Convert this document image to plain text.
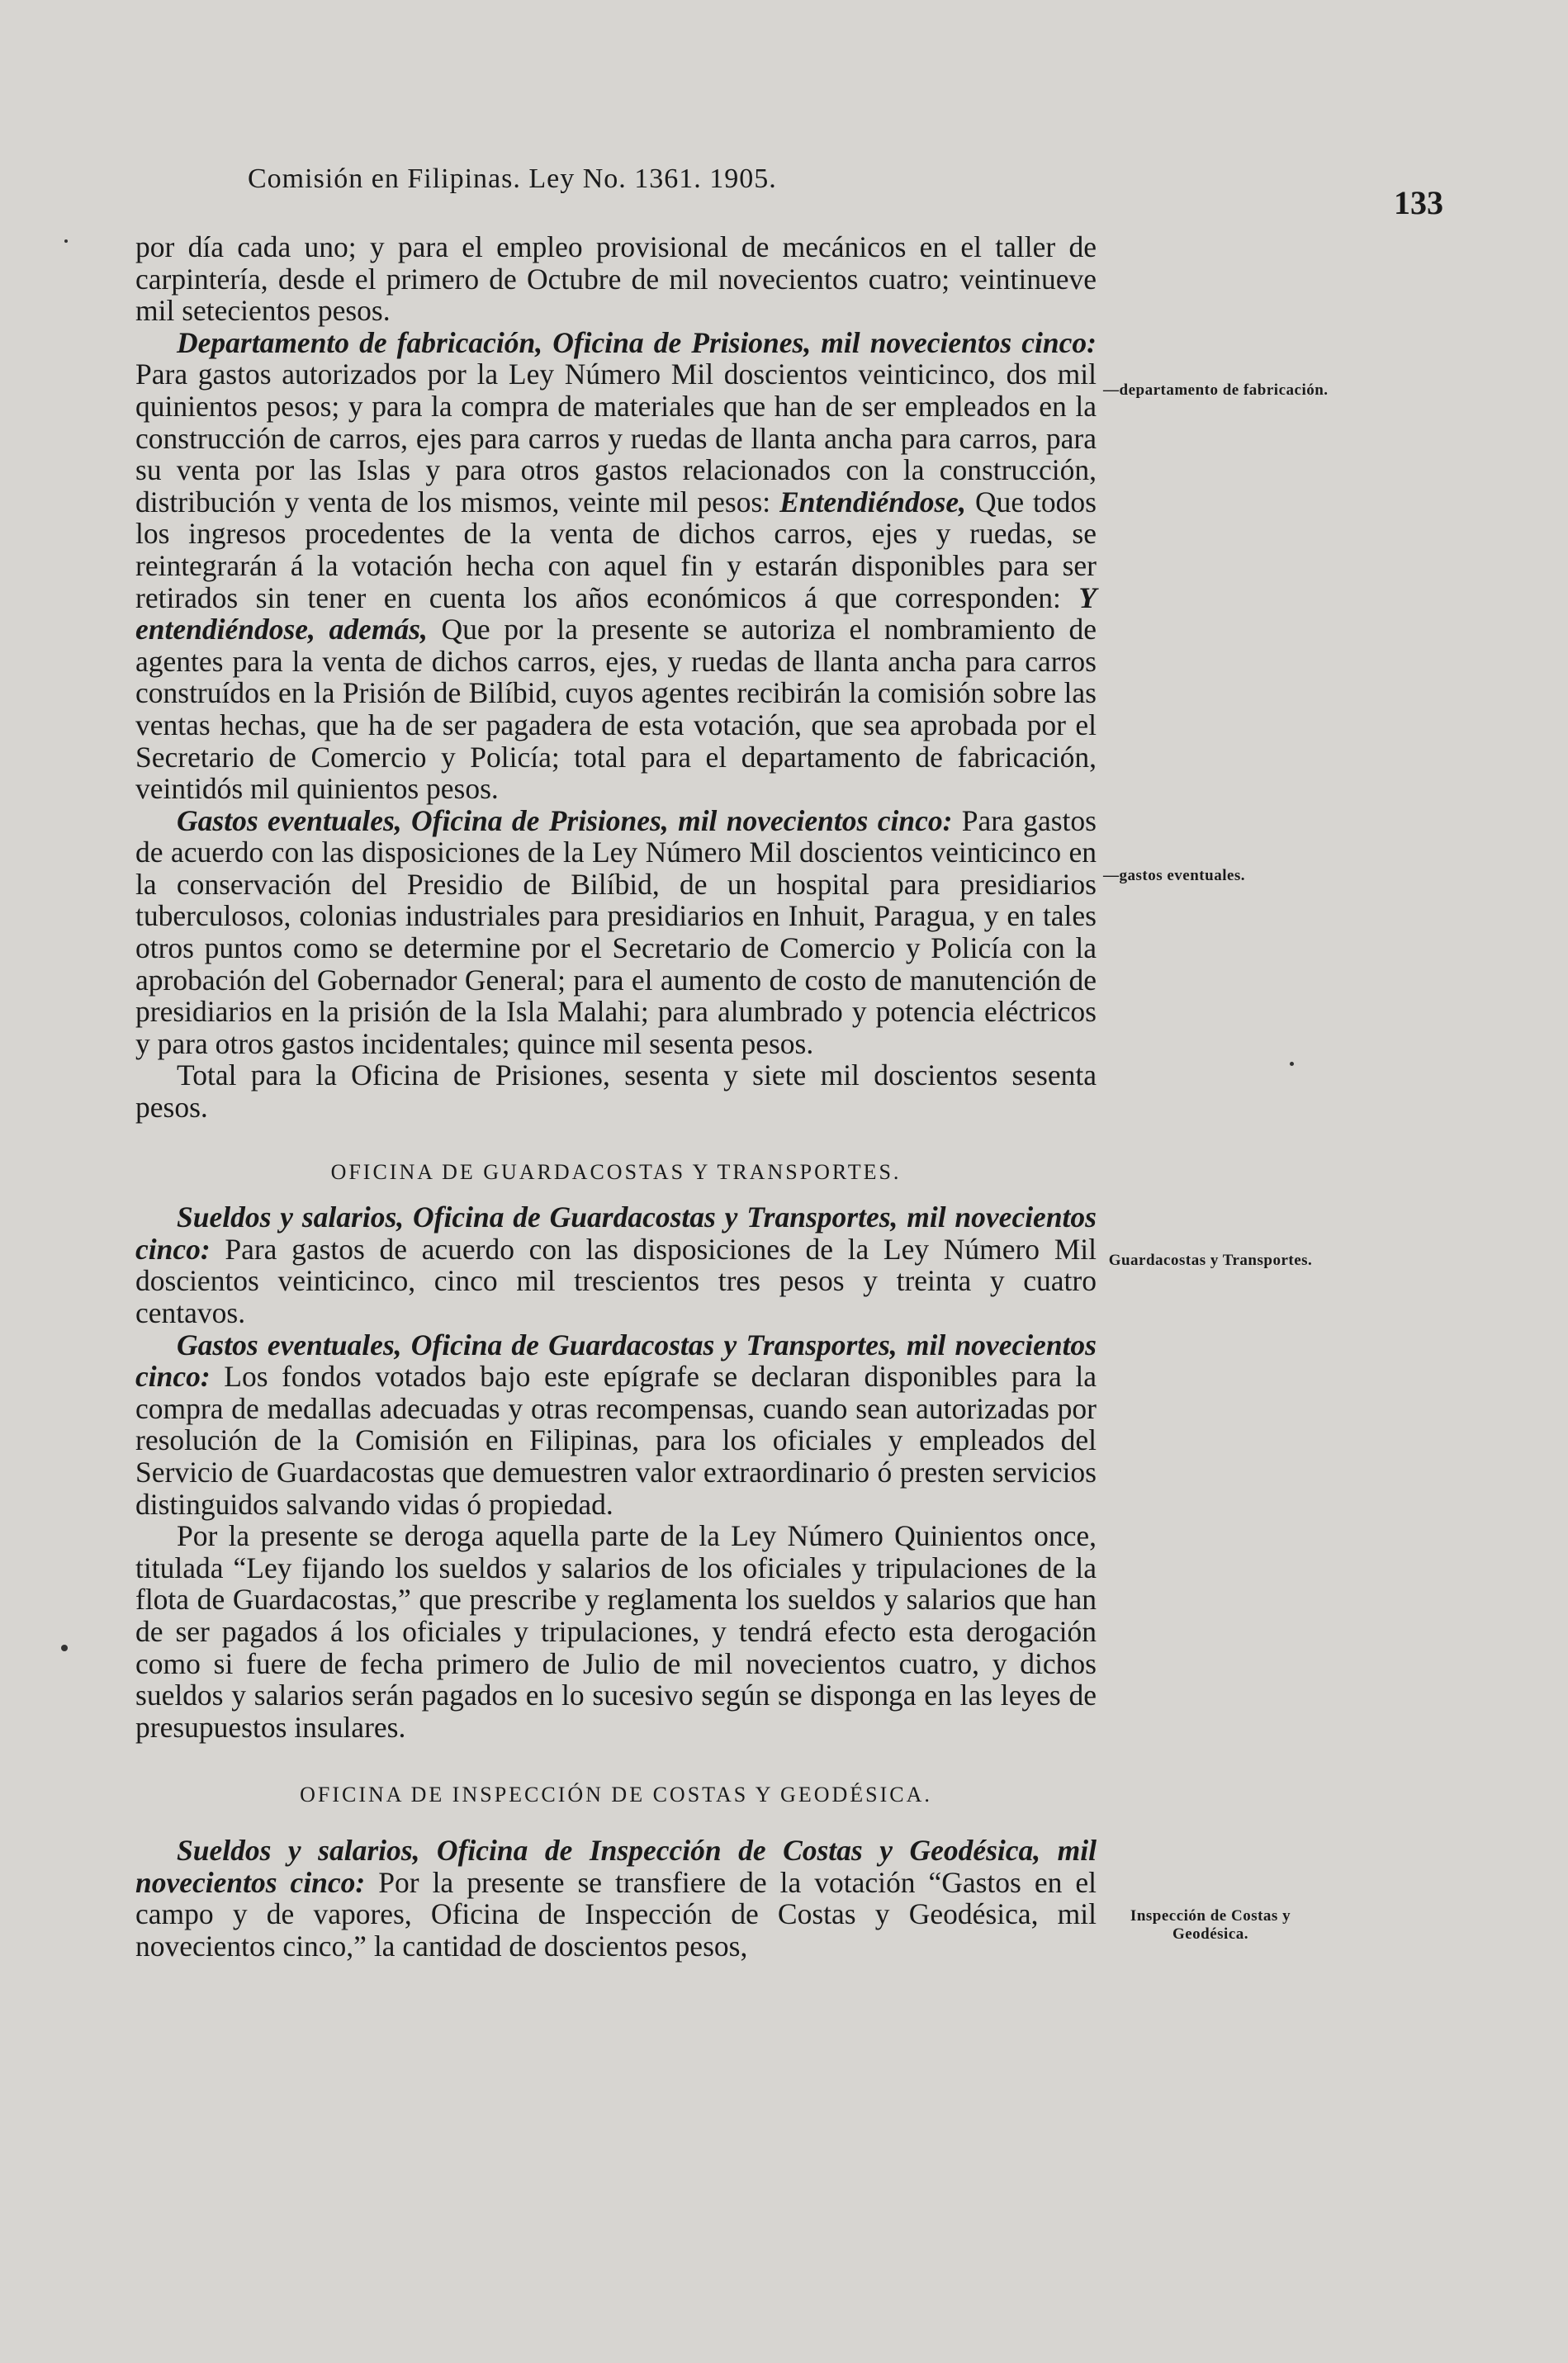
Comisión en Filipinas. Ley No. 1361. 1905.
133
—departamento de fabricación.
—gastos eventuales.
Guardacostas y Transportes.
Inspección de Costas y Geodésica.

por día cada uno; y para el empleo provisional de mecánicos en el taller de carpintería, desde el primero de Octubre de mil novecientos cuatro; veintinueve mil setecientos pesos.

Departamento de fabricación, Oficina de Prisiones, mil novecientos cinco: Para gastos autorizados por la Ley Número Mil doscientos veinticinco, dos mil quinientos pesos; y para la compra de materiales que han de ser empleados en la construcción de carros, ejes para carros y ruedas de llanta ancha para carros, para su venta por las Islas y para otros gastos relacionados con la construcción, distribución y venta de los mismos, veinte mil pesos: Entendiéndose, Que todos los ingresos procedentes de la venta de dichos carros, ejes y ruedas, se reintegrarán á la votación hecha con aquel fin y estarán disponibles para ser retirados sin tener en cuenta los años económicos á que corresponden: Y entendiéndose, además, Que por la presente se autoriza el nombramiento de agentes para la venta de dichos carros, ejes, y ruedas de llanta ancha para carros construídos en la Prisión de Bilíbid, cuyos agentes recibirán la comisión sobre las ventas hechas, que ha de ser pagadera de esta votación, que sea aprobada por el Secretario de Comercio y Policía; total para el departamento de fabricación, veintidós mil quinientos pesos.

Gastos eventuales, Oficina de Prisiones, mil novecientos cinco: Para gastos de acuerdo con las disposiciones de la Ley Número Mil doscientos veinticinco en la conservación del Presidio de Bilíbid, de un hospital para presidiarios tuberculosos, colonias industriales para presidiarios en Inhuit, Paragua, y en tales otros puntos como se determine por el Secretario de Comercio y Policía con la aprobación del Gobernador General; para el aumento de costo de manutención de presidiarios en la prisión de la Isla Malahi; para alumbrado y potencia eléctricos y para otros gastos incidentales; quince mil sesenta pesos.

Total para la Oficina de Prisiones, sesenta y siete mil doscientos sesenta pesos.

OFICINA DE GUARDACOSTAS Y TRANSPORTES.

Sueldos y salarios, Oficina de Guardacostas y Transportes, mil novecientos cinco: Para gastos de acuerdo con las disposiciones de la Ley Número Mil doscientos veinticinco, cinco mil trescientos tres pesos y treinta y cuatro centavos.

Gastos eventuales, Oficina de Guardacostas y Transportes, mil novecientos cinco: Los fondos votados bajo este epígrafe se declaran disponibles para la compra de medallas adecuadas y otras recompensas, cuando sean autorizadas por resolución de la Comisión en Filipinas, para los oficiales y empleados del Servicio de Guardacostas que demuestren valor extraordinario ó presten servicios distinguidos salvando vidas ó propiedad.

Por la presente se deroga aquella parte de la Ley Número Quinientos once, titulada “Ley fijando los sueldos y salarios de los oficiales y tripulaciones de la flota de Guardacostas,” que prescribe y reglamenta los sueldos y salarios que han de ser pagados á los oficiales y tripulaciones, y tendrá efecto esta derogación como si fuere de fecha primero de Julio de mil novecientos cuatro, y dichos sueldos y salarios serán pagados en lo sucesivo según se disponga en las leyes de presupuestos insulares.

OFICINA DE INSPECCIÓN DE COSTAS Y GEODÉSICA.

Sueldos y salarios, Oficina de Inspección de Costas y Geodésica, mil novecientos cinco: Por la presente se transfiere de la votación “Gastos en el campo y de vapores, Oficina de Inspección de Costas y Geodésica, mil novecientos cinco,” la cantidad de doscientos pesos,
